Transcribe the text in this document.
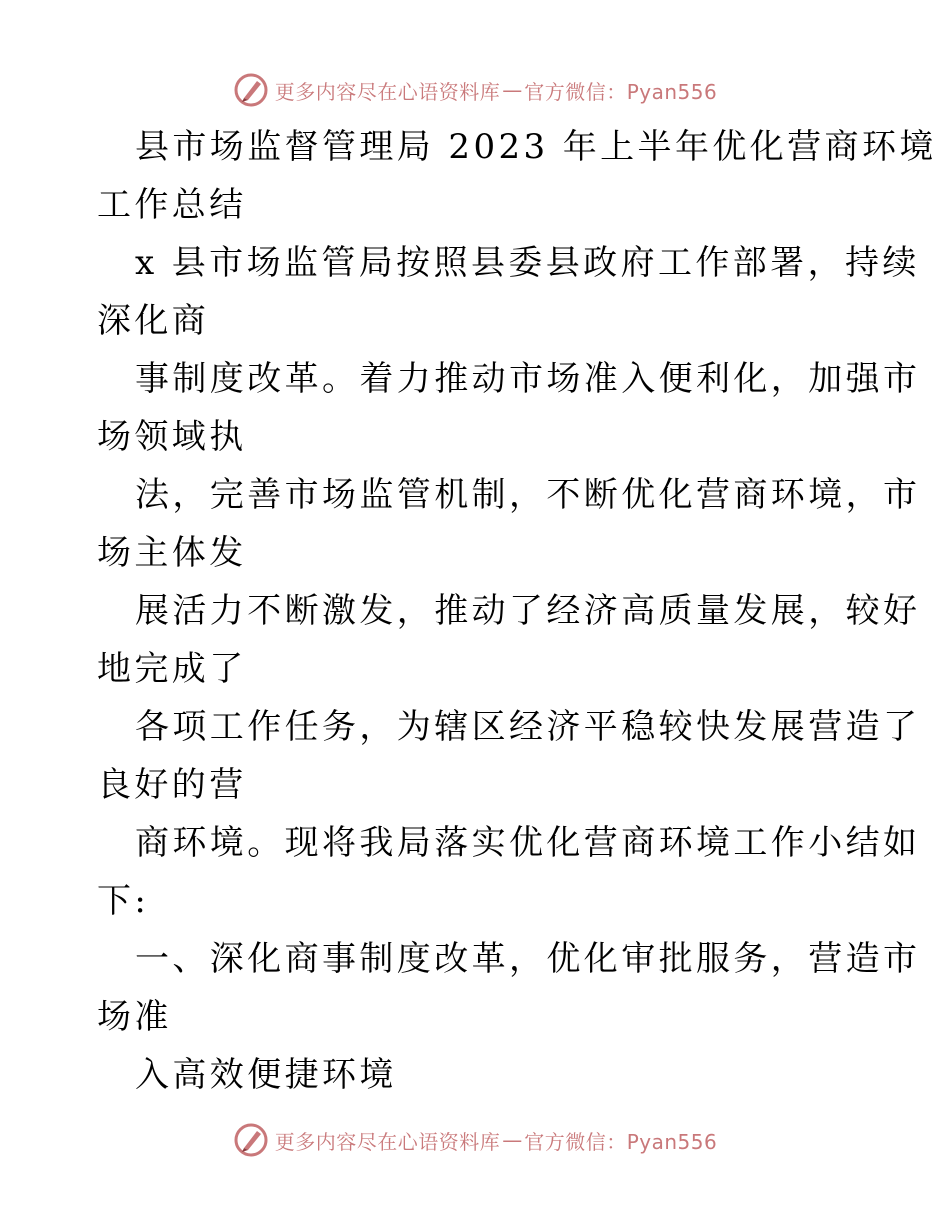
更多内容尽在心语资料库 — 官方微信：Pyan556
县市场监督管理局 2023 年上半年优化营商环境
工作总结
x 县市场监管局按照县委县政府工作部署，持续
深化商
事制度改革。着力推动市场准入便利化，加强市
场领域执
法，完善市场监管机制，不断优化营商环境，市
场主体发
展活力不断激发，推动了经济高质量发展，较好
地完成了
各项工作任务，为辖区经济平稳较快发展营造了
良好的营
商环境。现将我局落实优化营商环境工作小结如
下:
一、深化商事制度改革，优化审批服务，营造市
场准
入高效便捷环境
更多内容尽在心语资料库 — 官方微信：Pyan556
